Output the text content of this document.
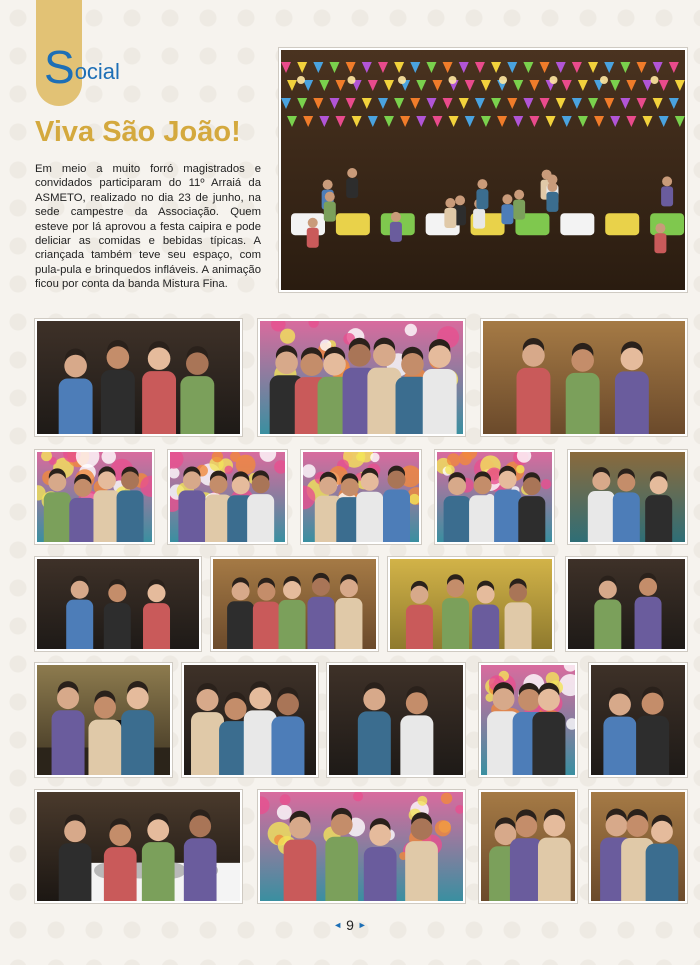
Social
Viva São João!

Em meio a muito forró magistrados e convidados participaram do 11º Arraiá da ASMETO, realizado no dia 23 de junho, na sede campestre da Associação. Quem esteve por lá aprovou a festa caipira e pode deliciar as comidas e bebidas típicas. A criançada também teve seu espaço, com pula-pula e brinquedos infláveis. A animação ficou por conta da banda Mistura Fina.

◄ 9 ►
